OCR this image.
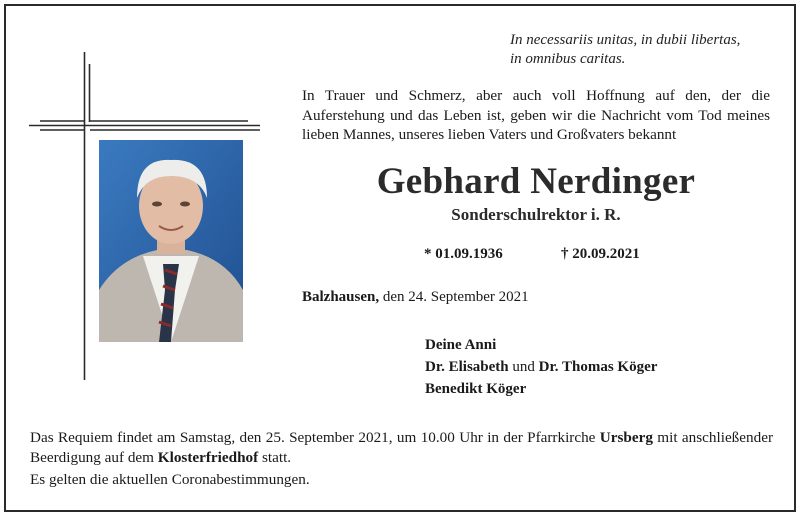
In necessariis unitas, in dubii libertas,
in omnibus caritas.
In Trauer und Schmerz, aber auch voll Hoffnung auf den, der die Auferstehung und das Leben ist, geben wir die Nachricht vom Tod meines lieben Mannes, unseres lieben Vaters und Großvaters bekannt
Gebhard Nerdinger
Sonderschulrektor i. R.
* 01.09.1936	† 20.09.2021
Balzhausen, den 24. September 2021
Deine Anni
Dr. Elisabeth und Dr. Thomas Köger
Benedikt Köger
Das Requiem findet am Samstag, den 25. September 2021, um 10.00 Uhr in der Pfarrkirche Ursberg mit anschließender Beerdigung auf dem Klosterfriedhof statt.
Es gelten die aktuellen Coronabestimmungen.
